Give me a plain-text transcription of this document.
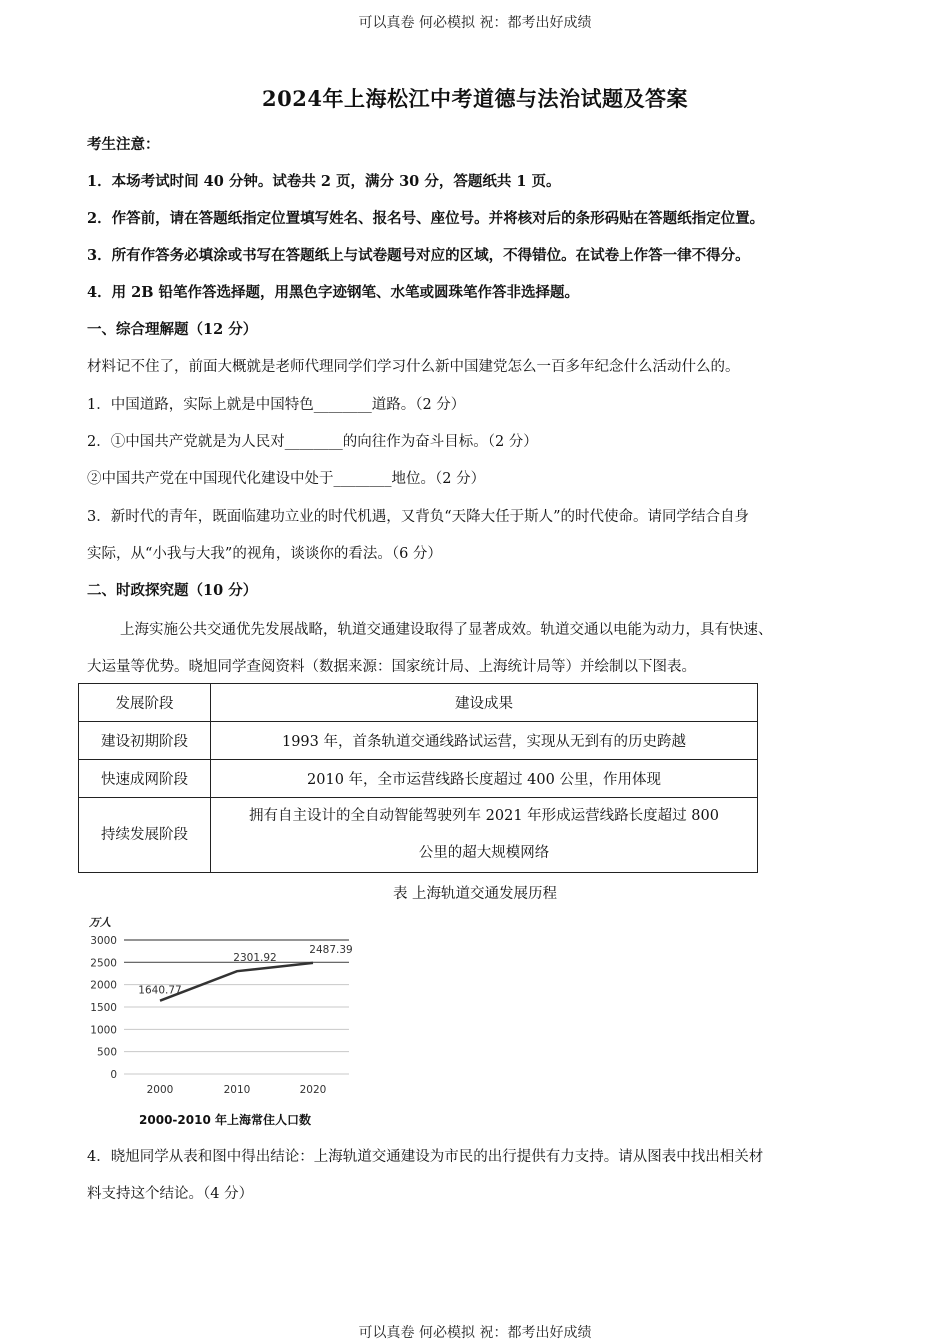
可以真卷 何必模拟 祝：都考出好成绩
2024年上海松江中考道德与法治试题及答案
考生注意：
1．本场考试时间 40 分钟。试卷共 2 页，满分 30 分，答题纸共 1 页。
2．作答前，请在答题纸指定位置填写姓名、报名号、座位号。并将核对后的条形码贴在答题纸指定位置。
3．所有作答务必填涂或书写在答题纸上与试卷题号对应的区域，不得错位。在试卷上作答一律不得分。
4．用 2B 铅笔作答选择题，用黑色字迹钢笔、水笔或圆珠笔作答非选择题。
一、综合理解题（12 分）
材料记不住了，前面大概就是老师代理同学们学习什么新中国建党怎么一百多年纪念什么活动什么的。
1．中国道路，实际上就是中国特色________道路。（2 分）
2．①中国共产党就是为人民对________的向往作为奋斗目标。（2 分）
②中国共产党在中国现代化建设中处于________地位。（2 分）
3．新时代的青年，既面临建功立业的时代机遇，又背负“天降大任于斯人”的时代使命。请同学结合自身
实际，从“小我与大我”的视角，谈谈你的看法。（6 分）
二、时政探究题（10 分）
上海实施公共交通优先发展战略，轨道交通建设取得了显著成效。轨道交通以电能为动力，具有快速、
大运量等优势。晓旭同学查阅资料（数据来源：国家统计局、上海统计局等）并绘制以下图表。
发展阶段	建设成果
建设初期阶段	1993 年，首条轨道交通线路试运营，实现从无到有的历史跨越
快速成网阶段	2010 年，全市运营线路长度超过 400 公里，作用体现
持续发展阶段	拥有自主设计的全自动智能驾驶列车 2021 年形成运营线路长度超过 800
公里的超大规模网络
表 上海轨道交通发展历程
万人
0
500
1000
1500
2000
2500
3000
2000	2010	2020
1640.77
2301.92
2487.39
2000-2010 年上海常住人口数
4．晓旭同学从表和图中得出结论：上海轨道交通建设为市民的出行提供有力支持。请从图表中找出相关材
料支持这个结论。（4 分）
可以真卷 何必模拟 祝：都考出好成绩
